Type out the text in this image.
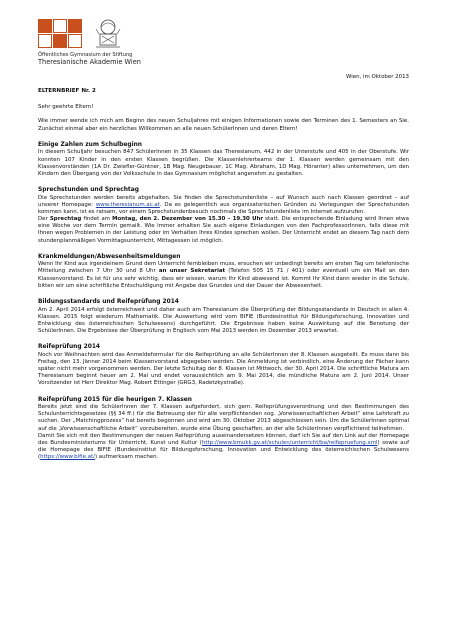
Öffentliches Gymnasium der Stiftung
Theresianische Akademie Wien
Wien, im Oktober 2013
ELTERNBRIEF Nr. 2

Sehr geehrte Eltern!

Wie immer wende ich mich am Beginn des neuen Schuljahres mit einigen Informationen sowie den Terminen des 1. Semesters an Sie. Zunächst einmal aber ein herzliches Willkommen an alle neuen SchülerInnen und deren Eltern!

Einige Zahlen zum Schulbeginn

In diesem Schuljahr besuchen 847 SchülerInnen in 35 Klassen das Theresianum, 442 in der Unterstufe und 405 in der Oberstufe. Wir konnten 107 Kinder in den ersten Klassen begrüßen. Die Klassenlehrerteams der 1. Klassen werden gemeinsam mit den Klassenvorständen (1A Dr. Zwiefler-Güntner, 1B Mag. Neugebauer, 1C Mag. Abraham, 1D Mag. Höranter) alles unternehmen, um den Kindern den Übergang von der Volksschule in das Gymnasium möglichst angenehm zu gestalten.

Sprechstunden und Sprechtag

Die Sprechstunden werden bereits abgehalten. Sie finden die Sprechstundenliste – auf Wunsch auch nach Klassen geordnet – auf unserer Homepage: www.theresianum.ac.at. Da es gelegentlich aus organisatorischen Gründen zu Verlegungen der Sprechstunden kommen kann, ist es ratsam, vor einem Sprechstundenbesuch nochmals die Sprechstundenliste im Internet aufzurufen.
Der Sprechtag findet am Montag, den 2. Dezember von 15.30 – 19.30 Uhr statt. Die entsprechende Einladung wird Ihnen etwa eine Woche vor dem Termin gemailt. Wie immer erhalten Sie auch eigene Einladungen von den FachprofessorInnen, falls diese mit Ihnen wegen Problemen in der Leistung oder im Verhalten Ihres Kindes sprechen wollen. Der Unterricht endet an diesem Tag nach dem stundenplanmäßigen Vormittagsunterricht, Mittagessen ist möglich.

Krankmeldungen/Abwesenheitsmeldungen

Wenn Ihr Kind aus irgendeinem Grund dem Unterricht fernbleiben muss, ersuchen wir unbedingt bereits am ersten Tag um telefonische Mitteilung zwischen 7 Uhr 30 und 8 Uhr an unser Sekretariat (Telefon 505 15 71 / 401) oder eventuell um ein Mail an den Klassenvorstand. Es ist für uns sehr wichtig, dass wir wissen, warum Ihr Kind abwesend ist. Kommt Ihr Kind dann wieder in die Schule, bitten wir um eine schriftliche Entschuldigung mit Angabe des Grundes und der Dauer der Abwesenheit.

Bildungsstandards und Reifeprüfung 2014

Am 2. April 2014 erfolgt österreichweit und daher auch am Theresianum die Überprüfung der Bildungsstandards in Deutsch in allen 4. Klassen. 2015 folgt wiederum Mathematik. Die Auswertung wird vom BIFIE (Bundesinstitut für Bildungsforschung, Innovation und Entwicklung des österreichischen Schulwesens) durchgeführt. Die Ergebnisse haben keine Auswirkung auf die Benotung der SchülerInnen. Die Ergebnisse der Überprüfung in Englisch vom Mai 2013 werden im Dezember 2013 erwartet.

Reifeprüfung 2014

Noch vor Weihnachten wird das Anmeldeformular für die Reifeprüfung an alle SchülerInnen der 8. Klassen ausgeteilt. Es muss dann bis Freitag, den 13. Jänner 2014 beim Klassenvorstand abgegeben werden. Die Anmeldung ist verbindlich, eine Änderung der Fächer kann später nicht mehr vorgenommen werden. Der letzte Schultag der 8. Klassen ist Mittwoch, der 30. April 2014. Die schriftliche Matura am Theresianum beginnt heuer am 2. Mai und endet voraussichtlich am 9. Mai 2014, die mündliche Matura am 2. Juni 2014. Unser Vorsitzender ist Herr Direktor Mag. Robert Ettinger (GRG3, Radetzkystraße).

Reifeprüfung 2015 für die heurigen 7. Klassen

Bereits jetzt sind die SchülerInnen der 7. Klassen aufgefordert, sich gem. Reifeprüfungsverordnung und den Bestimmungen des Schulunterrichtsgesetzes (§§ 34 ff.) für die Betreuung der für alle verpflichtenden sog. „Vorwissenschaftlichen Arbeit“ eine Lehrkraft zu suchen. Der „Matchingprozess“ hat bereits begonnen und wird am 30. Oktober 2013 abgeschlossen sein. Um die SchülerInnen optimal auf die „Vorwissenschaftliche Arbeit“ vorzubereiten, wurde eine Übung geschaffen, an der alle SchülerInnen verpflichtend teilnehmen.
Damit Sie sich mit den Bestimmungen der neuen Reifeprüfung auseinandersetzen können, darf ich Sie auf den Link auf der Homepage des Bundesministeriums für Unterricht, Kunst und Kultur (http://www.bmukk.gv.at/schulen/unterricht/ba/reifepruefung.xml) sowie auf die Homepage des BIFIE (Bundesinstitut für Bildungsforschung, Innovation und Entwicklung des österreichischen Schulwesens (https://www.bifie.at/) aufmerksam machen.
